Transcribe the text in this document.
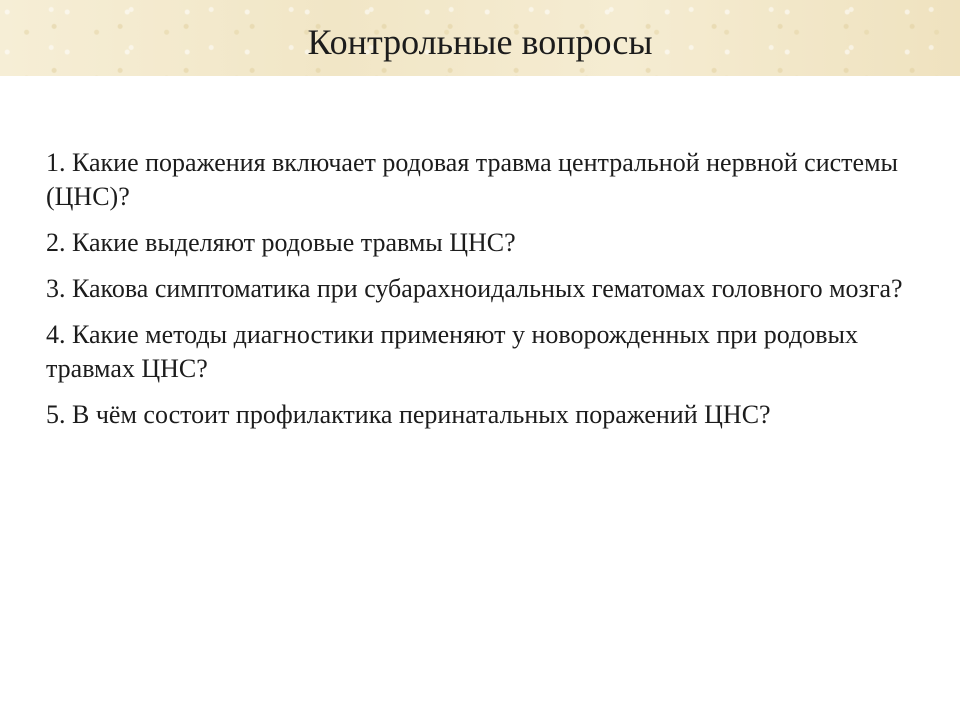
Контрольные вопросы
1. Какие поражения включает родовая травма центральной нервной системы (ЦНС)?
2. Какие выделяют родовые травмы ЦНС?
3. Какова симптоматика при субарахноидальных гематомах головного мозга?
4. Какие методы диагностики применяют у новорожденных при родовых травмах ЦНС?
5. В чём состоит профилактика перинатальных поражений ЦНС?
